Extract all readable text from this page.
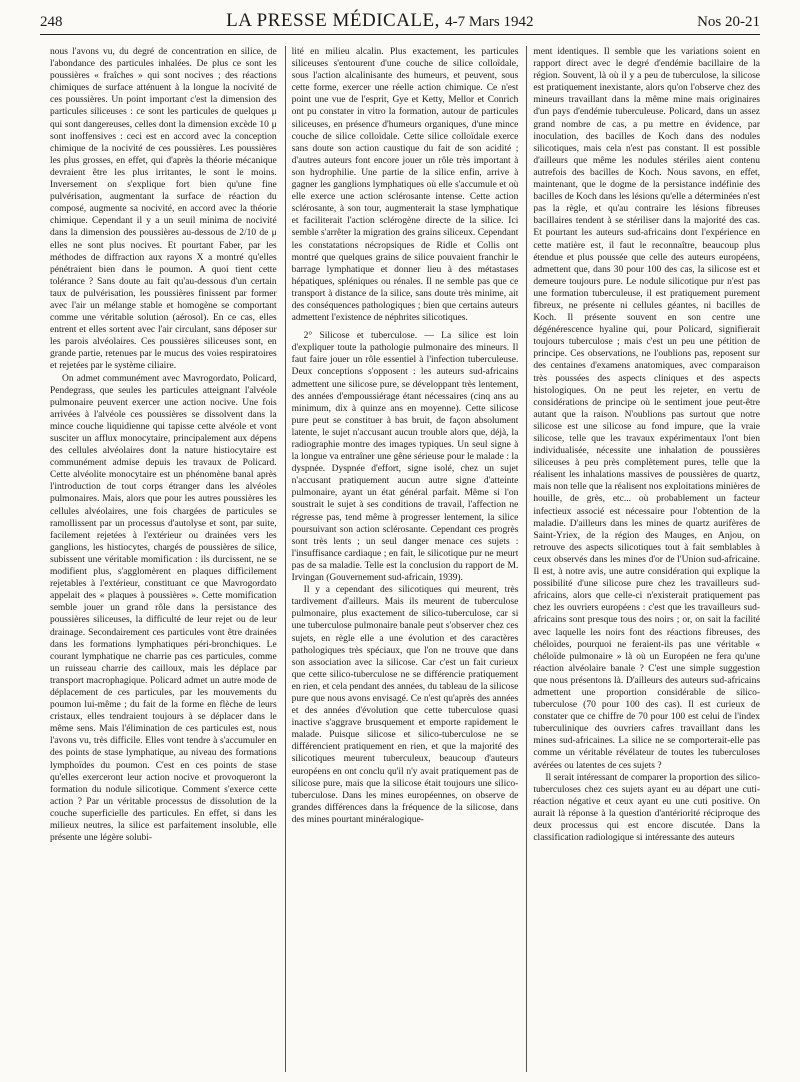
248	LA PRESSE MÉDICALE, 4-7 Mars 1942	Nos 20-21

nous l'avons vu, du degré de concentration en silice, de l'abondance des particules inhalées. De plus ce sont les poussières « fraîches » qui sont nocives ; des réactions chimiques de surface atténuent à la longue la nocivité de ces poussières. Un point important c'est la dimension des particules siliceuses : ce sont les particules de quelques μ qui sont dangereuses, celles dont la dimension excède 10 μ sont inoffensives : ceci est en accord avec la conception chimique de la nocivité de ces poussières. Les poussières les plus grosses, en effet, qui d'après la théorie mécanique devraient être les plus irritantes, le sont le moins. Inversement on s'explique fort bien qu'une fine pulvérisation, augmentant la surface de réaction du composé, augmente sa nocivité, en accord avec la théorie chimique. Cependant il y a un seuil minima de nocivité dans la dimension des poussières au-dessous de 2/10 de μ elles ne sont plus nocives. Et pourtant Faber, par les méthodes de diffraction aux rayons X a montré qu'elles pénétraient bien dans le poumon. A quoi tient cette tolérance ? Sans doute au fait qu'au-dessous d'un certain taux de pulvérisation, les poussières finissent par former avec l'air un mélange stable et homogène se comportant comme une véritable solution (aérosol). En ce cas, elles entrent et elles sortent avec l'air circulant, sans déposer sur les parois alvéolaires. Ces poussières siliceuses sont, en grande partie, retenues par le mucus des voies respiratoires et rejetées par le système ciliaire.

On admet communément avec Mavrogordato, Policard, Pendegrass, que seules les particules atteignant l'alvéole pulmonaire peuvent exercer une action nocive. Une fois arrivées à l'alvéole ces poussières se dissolvent dans la mince couche liquidienne qui tapisse cette alvéole et vont susciter un afflux monocytaire, principalement aux dépens des cellules alvéolaires dont la nature histiocytaire est communément admise depuis les travaux de Policard. Cette alvéolite monocytaire est un phénomène banal après l'introduction de tout corps étranger dans les alvéoles pulmonaires. Mais, alors que pour les autres poussières les cellules alvéolaires, une fois chargées de particules se ramollissent par un processus d'autolyse et sont, par suite, facilement rejetées à l'extérieur ou drainées vers les ganglions, les histiocytes, chargés de poussières de silice, subissent une véritable momification : ils durcissent, ne se modifient plus, s'agglomèrent en plaques difficilement rejetables à l'extérieur, constituant ce que Mavrogordato appelait des « plaques à poussières ». Cette momification semble jouer un grand rôle dans la persistance des poussières siliceuses, la difficulté de leur rejet ou de leur drainage. Secondairement ces particules vont être drainées dans les formations lymphatiques péri-bronchiques. Le courant lymphatique ne charrie pas ces particules, comme un ruisseau charrie des cailloux, mais les déplace par transport macrophagique. Policard admet un autre mode de déplacement de ces particules, par les mouvements du poumon lui-même ; du fait de la forme en flèche de leurs cristaux, elles tendraient toujours à se déplacer dans le même sens. Mais l'élimination de ces particules est, nous l'avons vu, très difficile. Elles vont tendre à s'accumuler en des points de stase lymphatique, au niveau des formations lymphoïdes du poumon. C'est en ces points de stase qu'elles exerceront leur action nocive et provoqueront la formation du nodule silicotique. Comment s'exerce cette action ? Par un véritable processus de dissolution de la couche superficielle des particules. En effet, si dans les milieux neutres, la silice est parfaitement insoluble, elle présente une légère solubi-

lité en milieu alcalin. Plus exactement, les particules siliceuses s'entourent d'une couche de silice colloïdale, sous l'action alcalinisante des humeurs, et peuvent, sous cette forme, exercer une réelle action chimique. Ce n'est point une vue de l'esprit, Gye et Ketty, Mellor et Conrich ont pu constater in vitro la formation, autour de particules siliceuses, en présence d'humeurs organiques, d'une mince couche de silice colloïdale. Cette silice colloïdale exerce sans doute son action caustique du fait de son acidité ; d'autres auteurs font encore jouer un rôle très important à son hydrophilie. Une partie de la silice enfin, arrive à gagner les ganglions lymphatiques où elle s'accumule et où elle exerce une action sclérosante intense. Cette action sclérosante, à son tour, augmenterait la stase lymphatique et faciliterait l'action sclérogène directe de la silice. Ici semble s'arrêter la migration des grains siliceux. Cependant les constatations nécropsiques de Ridle et Collis ont montré que quelques grains de silice pouvaient franchir le barrage lymphatique et donner lieu à des métastases hépatiques, spléniques ou rénales. Il ne semble pas que ce transport à distance de la silice, sans doute très minime, ait des conséquences pathologiques ; bien que certains auteurs admettent l'existence de néphrites silicotiques.

2° Silicose et tuberculose. — La silice est loin d'expliquer toute la pathologie pulmonaire des mineurs. Il faut faire jouer un rôle essentiel à l'infection tuberculeuse. Deux conceptions s'opposent : les auteurs sud-africains admettent une silicose pure, se développant très lentement, des années d'empoussiérage étant nécessaires (cinq ans au minimum, dix à quinze ans en moyenne). Cette silicose pure peut se constituer à bas bruit, de façon absolument latente, le sujet n'accusant aucun trouble alors que, déjà, la radiographie montre des images typiques. Un seul signe à la longue va entraîner une gêne sérieuse pour le malade : la dyspnée. Dyspnée d'effort, signe isolé, chez un sujet n'accusant pratiquement aucun autre signe d'atteinte pulmonaire, ayant un état général parfait. Même si l'on soustrait le sujet à ses conditions de travail, l'affection ne régresse pas, tend même à progresser lentement, la silice poursuivant son action sclérosante. Cependant ces progrès sont très lents ; un seul danger menace ces sujets : l'insuffisance cardiaque ; en fait, le silicotique pur ne meurt pas de sa maladie. Telle est la conclusion du rapport de M. Irvingan (Gouvernement sud-africain, 1939).

Il y a cependant des silicotiques qui meurent, très tardivement d'ailleurs. Mais ils meurent de tuberculose pulmonaire, plus exactement de silico-tuberculose, car si une tuberculose pulmonaire banale peut s'observer chez ces sujets, en règle elle a une évolution et des caractères pathologiques très spéciaux, que l'on ne trouve que dans son association avec la silicose. Car c'est un fait curieux que cette silico-tuberculose ne se différencie pratiquement en rien, et cela pendant des années, du tableau de la silicose pure que nous avons envisagé. Ce n'est qu'après des années et des années d'évolution que cette tuberculose quasi inactive s'aggrave brusquement et emporte rapidement le malade. Puisque silicose et silico-tuberculose ne se différencient pratiquement en rien, et que la majorité des silicotiques meurent tuberculeux, beaucoup d'auteurs européens en ont conclu qu'il n'y avait pratiquement pas de silicose pure, mais que la silicose était toujours une silico-tuberculose. Dans les mines européennes, on observe de grandes différences dans la fréquence de la silicose, dans des mines pourtant minéralogique-

ment identiques. Il semble que les variations soient en rapport direct avec le degré d'endémie bacillaire de la région. Souvent, là où il y a peu de tuberculose, la silicose est pratiquement inexistante, alors qu'on l'observe chez des mineurs travaillant dans la même mine mais originaires d'un pays d'endémie tuberculeuse. Policard, dans un assez grand nombre de cas, a pu mettre en évidence, par inoculation, des bacilles de Koch dans des nodules silicotiques, mais cela n'est pas constant. Il est possible d'ailleurs que même les nodules stériles aient contenu autrefois des bacilles de Koch. Nous savons, en effet, maintenant, que le dogme de la persistance indéfinie des bacilles de Koch dans les lésions qu'elle a déterminées n'est pas la règle, et qu'au contraire les lésions fibreuses bacillaires tendent à se stériliser dans la majorité des cas. Et pourtant les auteurs sud-africains dont l'expérience en cette matière est, il faut le reconnaître, beaucoup plus étendue et plus poussée que celle des auteurs européens, admettent que, dans 30 pour 100 des cas, la silicose est et demeure toujours pure. Le nodule silicotique pur n'est pas une formation tuberculeuse, il est pratiquement purement fibreux, ne présente ni cellules géantes, ni bacilles de Koch. Il présente souvent en son centre une dégénérescence hyaline qui, pour Policard, signifierait toujours tuberculose ; mais c'est un peu une pétition de principe. Ces observations, ne l'oublions pas, reposent sur des centaines d'examens anatomiques, avec comparaison très poussées des aspects cliniques et des aspects histologiques. On ne peut les rejeter, en vertu de considérations de principe où le sentiment joue peut-être autant que la raison. N'oublions pas surtout que notre silicose est une silicose au fond impure, que la vraie silicose, telle que les travaux expérimentaux l'ont bien individualisée, nécessite une inhalation de poussières siliceuses à peu près complètement pures, telle que la réalisent les inhalations massives de poussières de quartz, mais non telle que la réalisent nos exploitations minières de houille, de grès, etc... où probablement un facteur infectieux associé est nécessaire pour l'obtention de la maladie. D'ailleurs dans les mines de quartz aurifères de Saint-Yriex, de la région des Mauges, en Anjou, on retrouve des aspects silicotiques tout à fait semblables à ceux observés dans les mines d'or de l'Union sud-africaine. Il est, à notre avis, une autre considération qui explique la possibilité d'une silicose pure chez les travailleurs sud-africains, alors que celle-ci n'existerait pratiquement pas chez les ouvriers européens : c'est que les travailleurs sud-africains sont presque tous des noirs ; or, on sait la facilité avec laquelle les noirs font des réactions fibreuses, des chéloïdes, pourquoi ne feraient-ils pas une véritable « chéloïde pulmonaire » là où un Européen ne fera qu'une réaction alvéolaire banale ? C'est une simple suggestion que nous présentons là. D'ailleurs des auteurs sud-africains admettent une proportion considérable de silico-tuberculose (70 pour 100 des cas). Il est curieux de constater que ce chiffre de 70 pour 100 est celui de l'index tuberculinique des ouvriers cafres travaillant dans les mines sud-africaines. La silice ne se comporterait-elle pas comme un véritable révélateur de toutes les tuberculoses avérées ou latentes de ces sujets ?

Il serait intéressant de comparer la proportion des silico-tuberculoses chez ces sujets ayant eu au départ une cuti-réaction négative et ceux ayant eu une cuti positive. On aurait là réponse à la question d'antériorité réciproque des deux processus qui est encore discutée. Dans la classification radiologique si intéressante des auteurs
